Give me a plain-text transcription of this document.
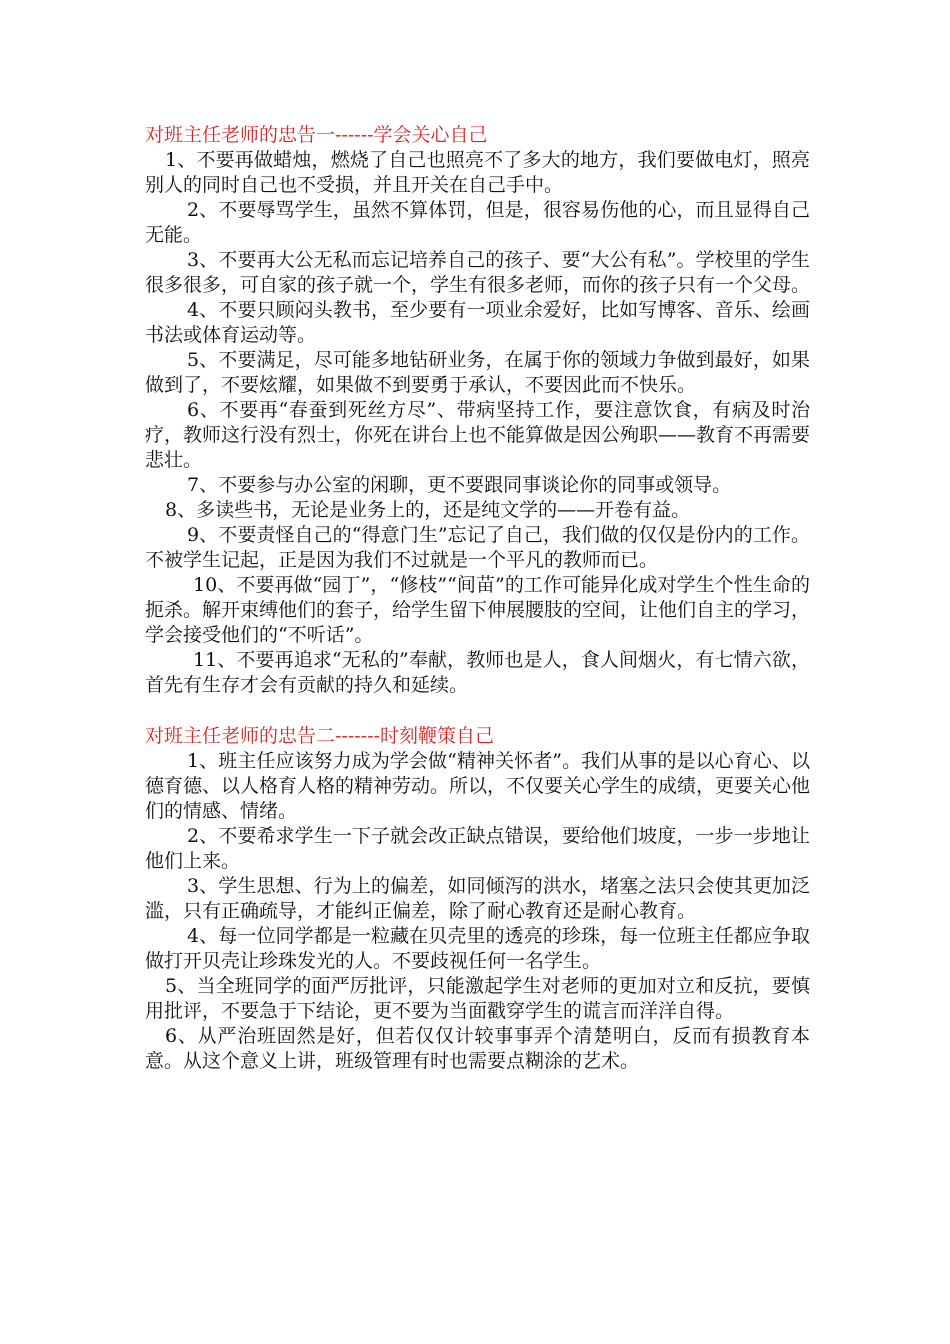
对班主任老师的忠告一------学会关心自己

1、不要再做蜡烛，燃烧了自己也照亮不了多大的地方，我们要做电灯，照亮别人的同时自己也不受损，并且开关在自己手中。

2、不要辱骂学生，虽然不算体罚，但是，很容易伤他的心，而且显得自己无能。

3、不要再大公无私而忘记培养自己的孩子、要“大公有私”。学校里的学生很多很多，可自家的孩子就一个，学生有很多老师，而你的孩子只有一个父母。

4、不要只顾闷头教书，至少要有一项业余爱好，比如写博客、音乐、绘画书法或体育运动等。

5、不要满足，尽可能多地钻研业务，在属于你的领域力争做到最好，如果做到了，不要炫耀，如果做不到要勇于承认，不要因此而不快乐。

6、不要再“春蚕到死丝方尽”、带病坚持工作，要注意饮食，有病及时治疗，教师这行没有烈士，你死在讲台上也不能算做是因公殉职——教育不再需要悲壮。

7、不要参与办公室的闲聊，更不要跟同事谈论你的同事或领导。

8、多读些书，无论是业务上的，还是纯文学的——开卷有益。

9、不要责怪自己的“得意门生”忘记了自己，我们做的仅仅是份内的工作。不被学生记起，正是因为我们不过就是一个平凡的教师而已。

10、不要再做“园丁”，“修枝”“间苗”的工作可能异化成对学生个性生命的扼杀。解开束缚他们的套子，给学生留下伸展腰肢的空间，让他们自主的学习，学会接受他们的“不听话”。

11、不要再追求“无私的”奉献，教师也是人，食人间烟火，有七情六欲，首先有生存才会有贡献的持久和延续。

对班主任老师的忠告二-------时刻鞭策自己

1、班主任应该努力成为学会做“精神关怀者”。我们从事的是以心育心、以德育德、以人格育人格的精神劳动。所以，不仅要关心学生的成绩，更要关心他们的情感、情绪。

2、不要希求学生一下子就会改正缺点错误，要给他们坡度，一步一步地让他们上来。

3、学生思想、行为上的偏差，如同倾泻的洪水，堵塞之法只会使其更加泛滥，只有正确疏导，才能纠正偏差，除了耐心教育还是耐心教育。

4、每一位同学都是一粒藏在贝壳里的透亮的珍珠，每一位班主任都应争取做打开贝壳让珍珠发光的人。不要歧视任何一名学生。

5、当全班同学的面严厉批评，只能激起学生对老师的更加对立和反抗，要慎用批评，不要急于下结论，更不要为当面戳穿学生的谎言而洋洋自得。

6、从严治班固然是好，但若仅仅计较事事弄个清楚明白，反而有损教育本意。从这个意义上讲，班级管理有时也需要点糊涂的艺术。
